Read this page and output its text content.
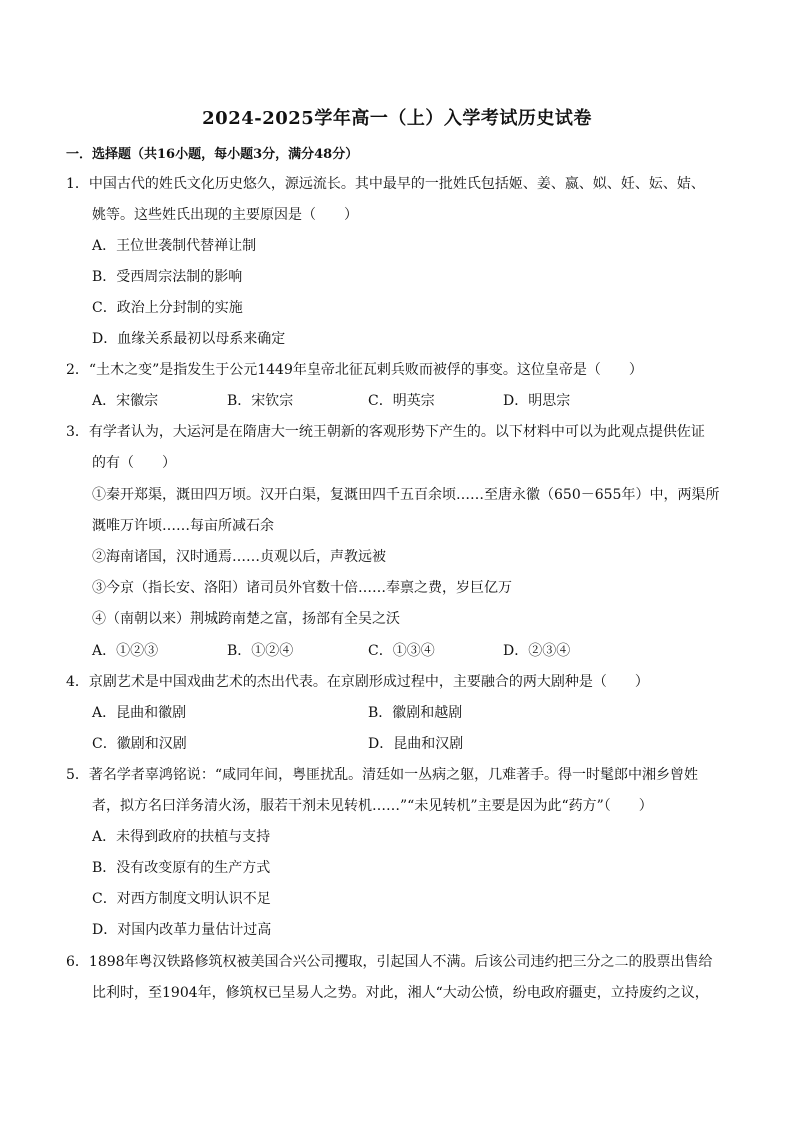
2024-2025学年高一（上）入学考试历史试卷
一．选择题（共16小题，每小题3分，满分48分）
1．中国古代的姓氏文化历史悠久，源远流长。其中最早的一批姓氏包括姬、姜、嬴、姒、妊、妘、姞、
姚等。这些姓氏出现的主要原因是（　　）
A．王位世袭制代替禅让制
B．受西周宗法制的影响
C．政治上分封制的实施
D．血缘关系最初以母系来确定
2．“土木之变”是指发生于公元1449年皇帝北征瓦剌兵败而被俘的事变。这位皇帝是（　　）
A．宋徽宗	B．宋钦宗	C．明英宗	D．明思宗
3．有学者认为，大运河是在隋唐大一统王朝新的客观形势下产生的。以下材料中可以为此观点提供佐证
的有（　　）
①秦开郑渠，溉田四万顷。汉开白渠，复溉田四千五百余顷……至唐永徽（650－655年）中，两渠所
溉唯万许顷……每亩所减石余
②海南诸国，汉时通焉……贞观以后，声教远被
③今京（指长安、洛阳）诸司员外官数十倍……奉禀之费，岁巨亿万
④（南朝以来）荆城跨南楚之富，扬部有全吴之沃
A．①②③	B．①②④	C．①③④	D．②③④
4．京剧艺术是中国戏曲艺术的杰出代表。在京剧形成过程中，主要融合的两大剧种是（　　）
A．昆曲和徽剧	B．徽剧和越剧
C．徽剧和汉剧	D．昆曲和汉剧
5．著名学者辜鸿铭说：“咸同年间，粤匪扰乱。清廷如一丛病之躯，几难著手。得一时髦郎中湘乡曾姓
者，拟方名曰洋务清火汤，服若干剂未见转机……”“未见转机”主要是因为此“药方”（　　）
A．未得到政府的扶植与支持
B．没有改变原有的生产方式
C．对西方制度文明认识不足
D．对国内改革力量估计过高
6．1898年粤汉铁路修筑权被美国合兴公司攫取，引起国人不满。后该公司违约把三分之二的股票出售给
比利时，至1904年，修筑权已呈易人之势。对此，湘人“大动公愤，纷电政府疆吏，立持废约之议，
